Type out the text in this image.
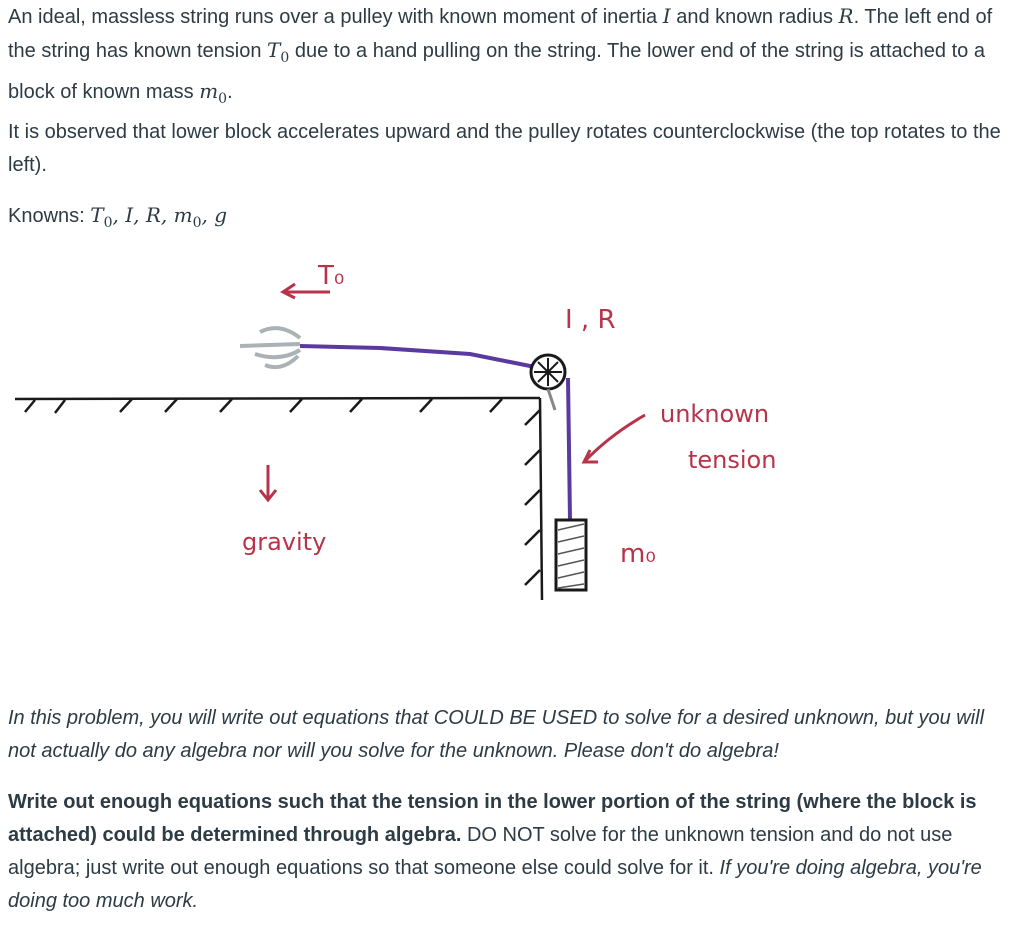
An ideal, massless string runs over a pulley with known moment of inertia I and known radius R. The left end of the string has known tension $T_0$ due to a hand pulling on the string. The lower end of the string is attached to a block of known mass $m_0$.

It is observed that lower block accelerates upward and the pulley rotates counterclockwise (the top rotates to the left).

Knowns: $T_0$, I, R, $m_0$, g

T₀
I , R
unknown
tension
gravity	m₀

In this problem, you will write out equations that COULD BE USED to solve for a desired unknown, but you will not actually do any algebra nor will you solve for the unknown. Please don't do algebra!

Write out enough equations such that the tension in the lower portion of the string (where the block is attached) could be determined through algebra. DO NOT solve for the unknown tension and do not use algebra; just write out enough equations so that someone else could solve for it. If you're doing algebra, you're doing too much work.
